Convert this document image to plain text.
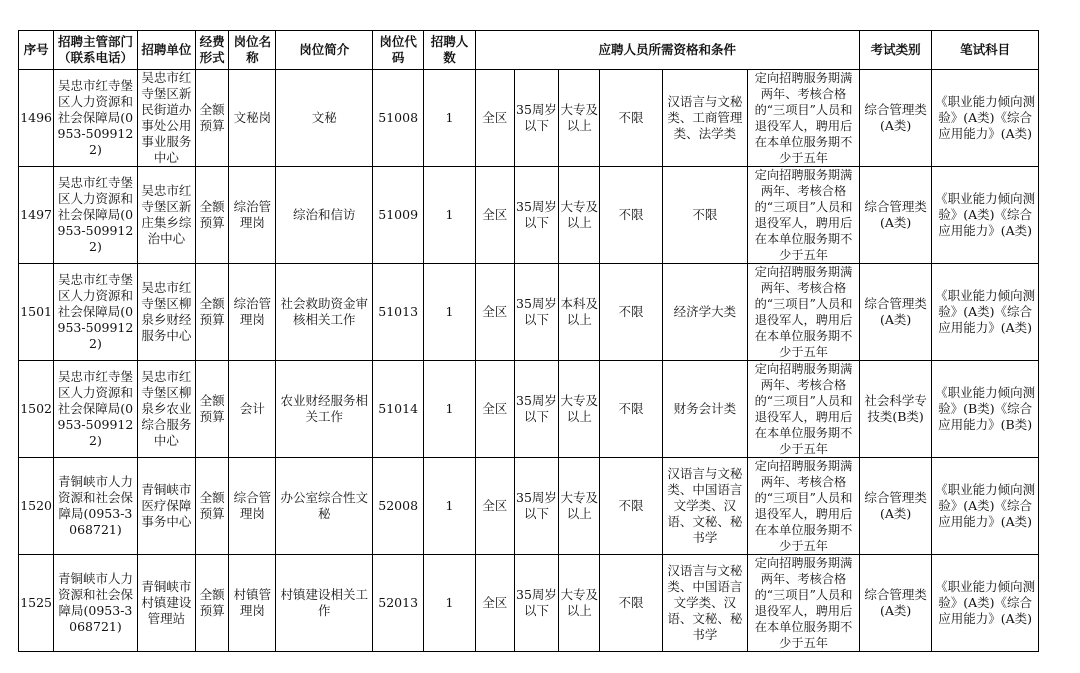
序号	招聘主管部门（联系电话）	招聘单位	经费形式	岗位名称	岗位简介	岗位代码	招聘人数	应聘人员所需资格和条件						考试类别	笔试科目
1496	吴忠市红寺堡区人力资源和社会保障局(0953-5099122)	吴忠市红寺堡区新民街道办事处公用事业服务中心	全额预算	文秘岗	文秘	51008	1	全区	35周岁以下	大专及以上	不限	汉语言与文秘类、工商管理类、法学类	定向招聘服务期满两年、考核合格的“三项目”人员和退役军人，聘用后在本单位服务期不少于五年	综合管理类(A类)	《职业能力倾向测验》(A类)《综合应用能力》(A类)
1497	吴忠市红寺堡区人力资源和社会保障局(0953-5099122)	吴忠市红寺堡区新庄集乡综治中心	全额预算	综治管理岗	综治和信访	51009	1	全区	35周岁以下	大专及以上	不限	不限	定向招聘服务期满两年、考核合格的“三项目”人员和退役军人，聘用后在本单位服务期不少于五年	综合管理类(A类)	《职业能力倾向测验》(A类)《综合应用能力》(A类)
1501	吴忠市红寺堡区人力资源和社会保障局(0953-5099122)	吴忠市红寺堡区柳泉乡财经服务中心	全额预算	综治管理岗	社会救助资金审核相关工作	51013	1	全区	35周岁以下	本科及以上	不限	经济学大类	定向招聘服务期满两年、考核合格的“三项目”人员和退役军人，聘用后在本单位服务期不少于五年	综合管理类(A类)	《职业能力倾向测验》(A类)《综合应用能力》(A类)
1502	吴忠市红寺堡区人力资源和社会保障局(0953-5099122)	吴忠市红寺堡区柳泉乡农业综合服务中心	全额预算	会计	农业财经服务相关工作	51014	1	全区	35周岁以下	大专及以上	不限	财务会计类	定向招聘服务期满两年、考核合格的“三项目”人员和退役军人，聘用后在本单位服务期不少于五年	社会科学专技类(B类)	《职业能力倾向测验》(B类)《综合应用能力》(B类)
1520	青铜峡市人力资源和社会保障局(0953-3068721)	青铜峡市医疗保障事务中心	全额预算	综合管理岗	办公室综合性文秘	52008	1	全区	35周岁以下	大专及以上	不限	汉语言与文秘类、中国语言文学类、汉语、文秘、秘书学	定向招聘服务期满两年、考核合格的“三项目”人员和退役军人，聘用后在本单位服务期不少于五年	综合管理类(A类)	《职业能力倾向测验》(A类)《综合应用能力》(A类)
1525	青铜峡市人力资源和社会保障局(0953-3068721)	青铜峡市村镇建设管理站	全额预算	村镇管理岗	村镇建设相关工作	52013	1	全区	35周岁以下	大专及以上	不限	汉语言与文秘类、中国语言文学类、汉语、文秘、秘书学	定向招聘服务期满两年、考核合格的“三项目”人员和退役军人，聘用后在本单位服务期不少于五年	综合管理类(A类)	《职业能力倾向测验》(A类)《综合应用能力》(A类)
